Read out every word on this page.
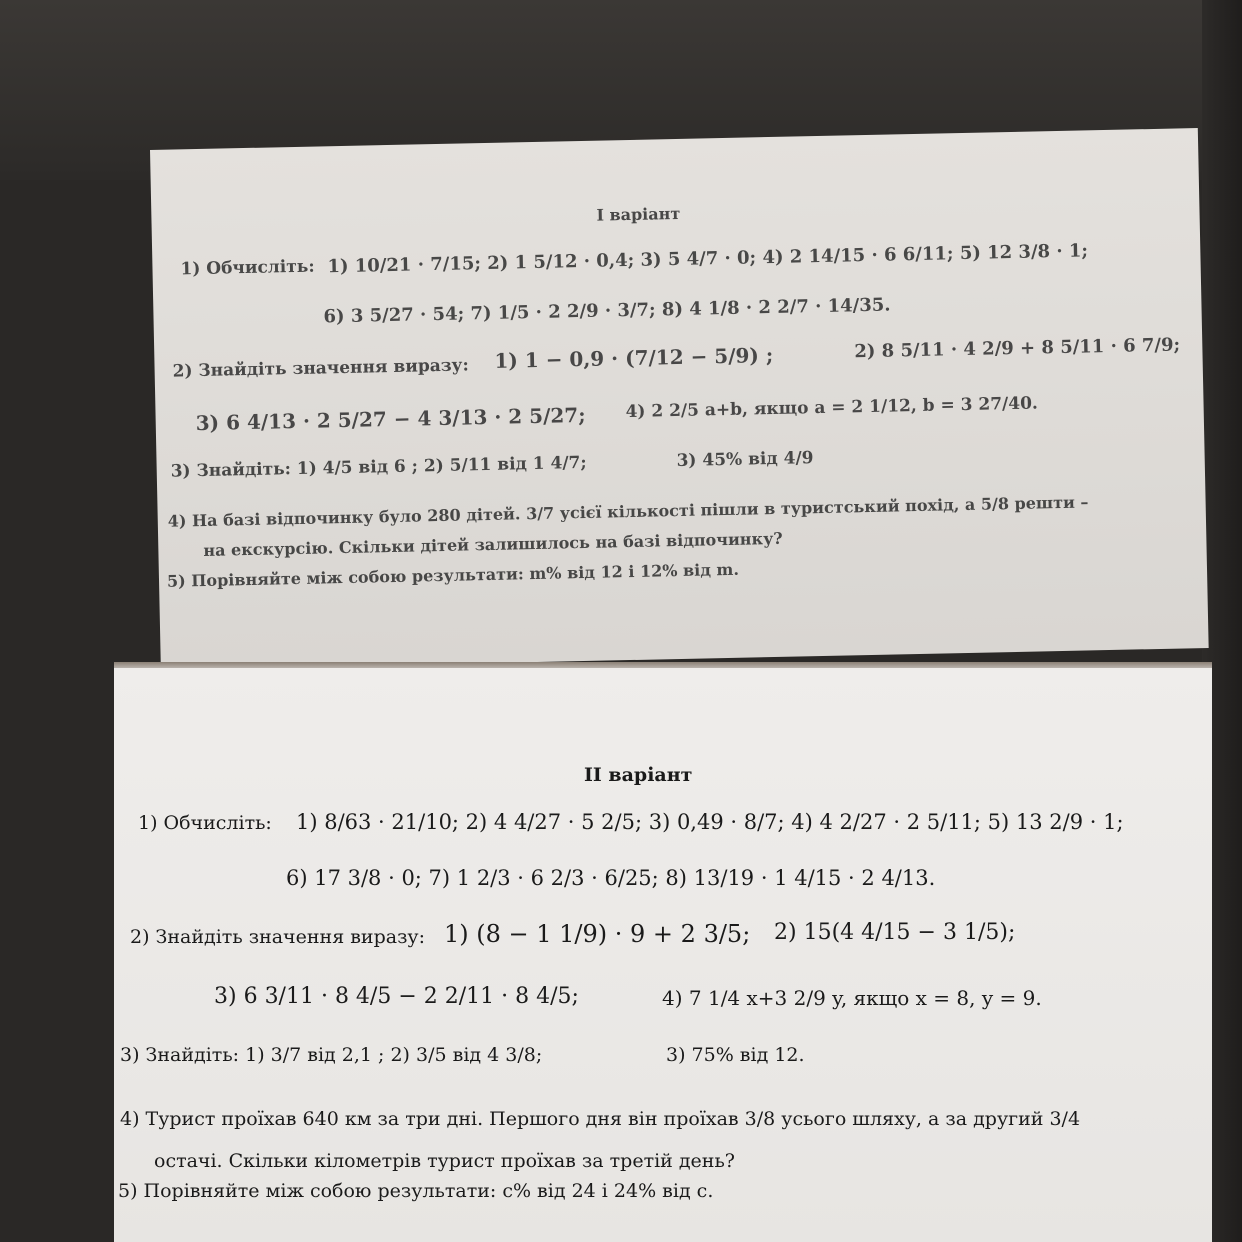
І варіант
1) Обчисліть: 1) 10/21 · 7/15; 2) 1 5/12 · 0,4; 3) 5 4/7 · 0; 4) 2 14/15 · 6 6/11; 5) 12 3/8 · 1;
6) 3 5/27 · 54; 7) 1/5 · 2 2/9 · 3/7; 8) 4 1/8 · 2 2/7 · 14/35.
2) Знайдіть значення виразу: 1) 1 − 0,9 · (7/12 − 5/9) ;	2) 8 5/11 · 4 2/9 + 8 5/11 · 6 7/9;
3) 6 4/13 · 2 5/27 − 4 3/13 · 2 5/27; 4) 2 2/5 a+b, якщо a = 2 1/12, b = 3 27/40.
3) Знайдіть: 1) 4/5 від 6 ; 2) 5/11 від 1 4/7;	3) 45% від 4/9
4) На базі відпочинку було 280 дітей. 3/7 усієї кількості пішли в туристський похід, а 5/8 решти –
на екскурсію. Скільки дітей залишилось на базі відпочинку?
5) Порівняйте між собою результати: m% від 12 і 12% від m.
II варіант
1) Обчисліть: 1) 8/63 · 21/10; 2) 4 4/27 · 5 2/5; 3) 0,49 · 8/7; 4) 4 2/27 · 2 5/11; 5) 13 2/9 · 1;
6) 17 3/8 · 0; 7) 1 2/3 · 6 2/3 · 6/25; 8) 13/19 · 1 4/15 · 2 4/13.
2) Знайдіть значення виразу: 1) (8 − 1 1/9) · 9 + 2 3/5; 2) 15(4 4/15 − 3 1/5);
3) 6 3/11 · 8 4/5 − 2 2/11 · 8 4/5;	4) 7 1/4 x+3 2/9 y, якщо x = 8, y = 9.
3) Знайдіть: 1) 3/7 від 2,1 ; 2) 3/5 від 4 3/8;	3) 75% від 12.
4) Турист проїхав 640 км за три дні. Першого дня він проїхав 3/8 усього шляху, а за другий 3/4
остачі. Скільки кілометрів турист проїхав за третій день?
5) Порівняйте між собою результати: c% від 24 і 24% від c.
